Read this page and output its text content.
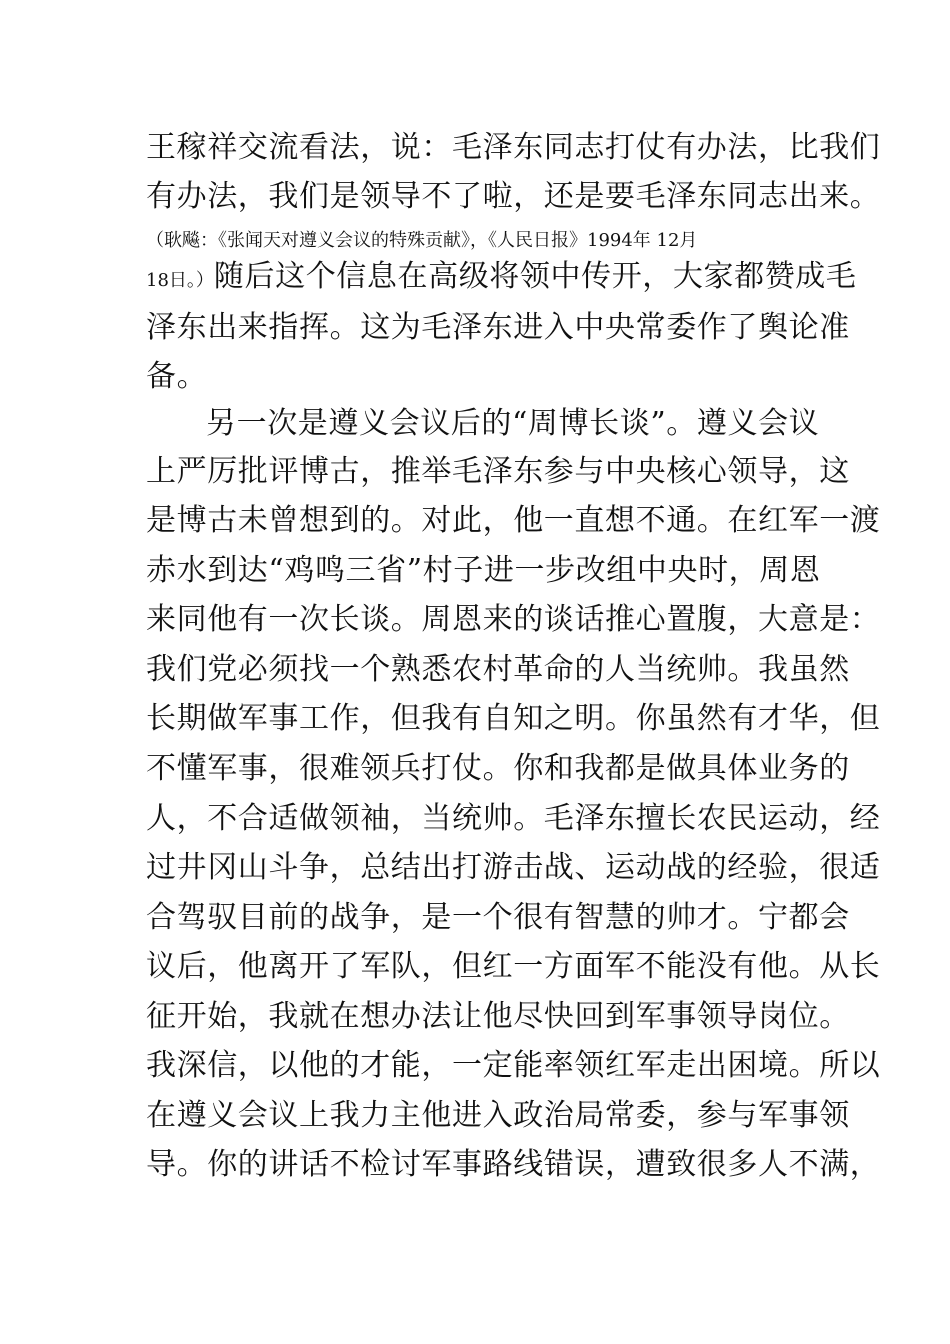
王稼祥交流看法，说：毛泽东同志打仗有办法，比我们
有办法，我们是领导不了啦，还是要毛泽东同志出来。
（耿飚：《张闻天对遵义会议的特殊贡献》，《人民日报》1994年 12月
18日。）随后这个信息在高级将领中传开，大家都赞成毛
泽东出来指挥。这为毛泽东进入中央常委作了舆论准
备。
另一次是遵义会议后的“周博长谈”。遵义会议
上严厉批评博古，推举毛泽东参与中央核心领导，这
是博古未曾想到的。对此，他一直想不通。在红军一渡
赤水到达“鸡鸣三省”村子进一步改组中央时，周恩
来同他有一次长谈。周恩来的谈话推心置腹，大意是：
我们党必须找一个熟悉农村革命的人当统帅。我虽然
长期做军事工作，但我有自知之明。你虽然有才华，但
不懂军事，很难领兵打仗。你和我都是做具体业务的
人，不合适做领袖，当统帅。毛泽东擅长农民运动，经
过井冈山斗争，总结出打游击战、运动战的经验，很适
合驾驭目前的战争，是一个很有智慧的帅才。宁都会
议后，他离开了军队，但红一方面军不能没有他。从长
征开始，我就在想办法让他尽快回到军事领导岗位。
我深信，以他的才能，一定能率领红军走出困境。所以
在遵义会议上我力主他进入政治局常委，参与军事领
导。你的讲话不检讨军事路线错误，遭致很多人不满，
